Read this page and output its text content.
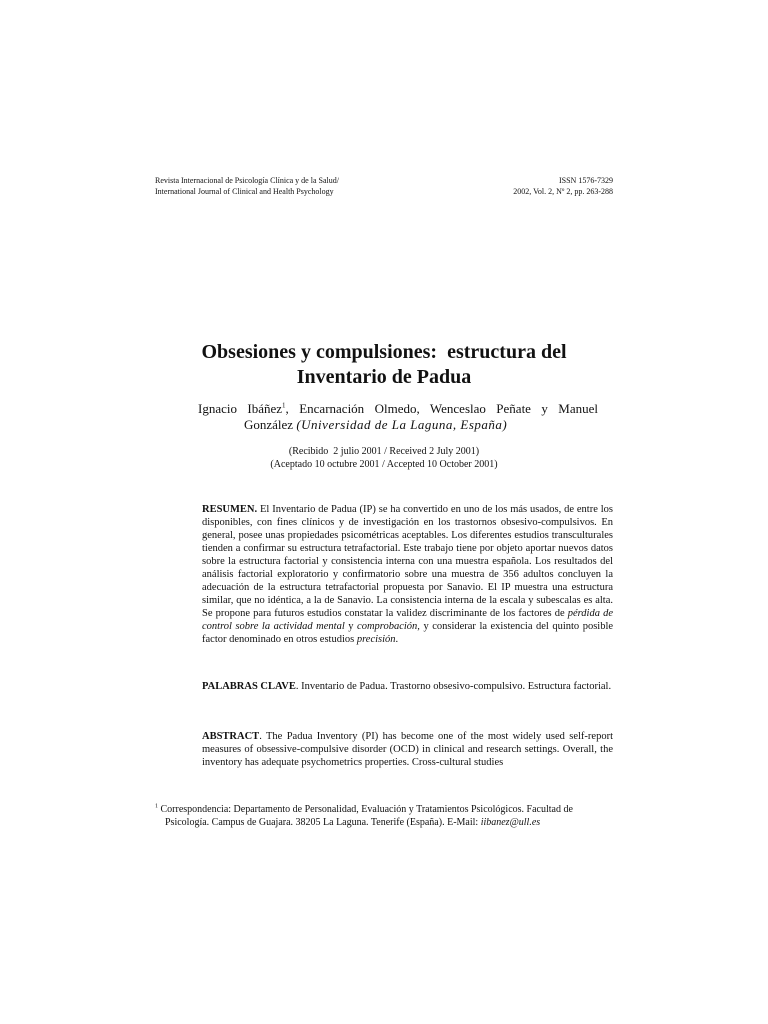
Revista Internacional de Psicología Clínica y de la Salud/
International Journal of Clinical and Health Psychology
ISSN 1576-7329
2002, Vol. 2, Nº 2, pp. 263-288
Obsesiones y compulsiones:  estructura del
Inventario de Padua
Ignacio Ibáñez$^1$, Encarnación Olmedo, Wenceslao Peñate y Manuel
González (Universidad de La Laguna, España)
(Recibido  2 julio 2001 / Received 2 July 2001)
(Aceptado 10 octubre 2001 / Accepted 10 October 2001)

RESUMEN. El Inventario de Padua (IP) se ha convertido en uno de los más usados, de entre los disponibles, con fines clínicos y de investigación en los trastornos obsesivo-compulsivos. En general, posee unas propiedades psicométricas aceptables. Los diferentes estudios transculturales tienden a confirmar su estructura tetrafactorial. Este trabajo tiene por objeto aportar nuevos datos sobre la estructura factorial y consistencia interna con una muestra española. Los resultados del  análisis factorial exploratorio y confirmatorio sobre una muestra de 356 adultos concluyen la adecuación de la estructura tetrafactorial propuesta por Sanavio. El IP muestra una estructura similar, que no idéntica, a la de Sanavio. La consistencia interna de la escala y subescalas es alta. Se propone para futuros estudios constatar la validez discriminante de los factores de pérdida de control sobre la actividad mental y comprobación, y considerar la existencia del quinto posible factor denominado en otros estudios precisión.

PALABRAS CLAVE. Inventario de Padua. Trastorno obsesivo-compulsivo. Estructura factorial.

ABSTRACT. The Padua Inventory (PI) has become one of the most widely used self-report measures of obsessive-compulsive disorder (OCD) in clinical and research settings. Overall, the inventory has adequate psychometrics properties. Cross-cultural studies

$^1$ Correspondencia: Departamento de Personalidad, Evaluación y Tratamientos Psicológicos. Facultad de
Psicología. Campus de Guajara. 38205 La Laguna. Tenerife (España). E-Mail: iibanez@ull.es
